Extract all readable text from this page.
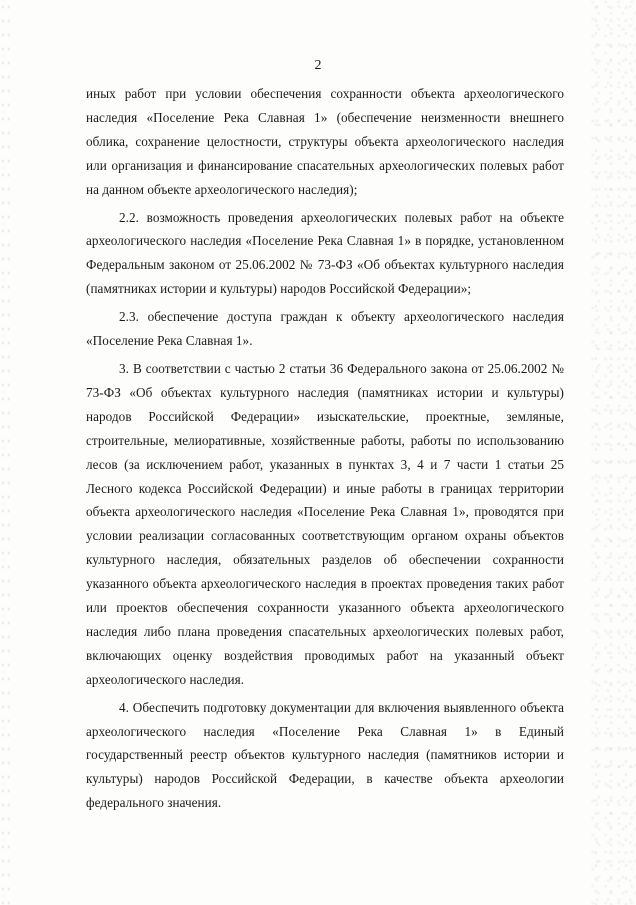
2

иных работ при условии обеспечения сохранности объекта археологического наследия «Поселение Река Славная 1» (обеспечение неизменности внешнего облика, сохранение целостности, структуры объекта археологического наследия или организация и финансирование спасательных археологических полевых работ на данном объекте археологического наследия);

2.2. возможность проведения археологических полевых работ на объекте археологического наследия «Поселение Река Славная 1» в порядке, установленном Федеральным законом от 25.06.2002 № 73-ФЗ «Об объектах культурного наследия (памятниках истории и культуры) народов Российской Федерации»;

2.3. обеспечение доступа граждан к объекту археологического наследия «Поселение Река Славная 1».

3. В соответствии с частью 2 статьи 36 Федерального закона от 25.06.2002 № 73-ФЗ «Об объектах культурного наследия (памятниках истории и культуры) народов Российской Федерации» изыскательские, проектные, земляные, строительные, мелиоративные, хозяйственные работы, работы по использованию лесов (за исключением работ, указанных в пунктах 3, 4 и 7 части 1 статьи 25 Лесного кодекса Российской Федерации) и иные работы в границах территории объекта археологического наследия «Поселение Река Славная 1», проводятся при условии реализации согласованных соответствующим органом охраны объектов культурного наследия, обязательных разделов об обеспечении сохранности указанного объекта археологического наследия в проектах проведения таких работ или проектов обеспечения сохранности указанного объекта археологического наследия либо плана проведения спасательных археологических полевых работ, включающих оценку воздействия проводимых работ на указанный объект археологического наследия.

4. Обеспечить подготовку документации для включения выявленного объекта археологического наследия «Поселение Река Славная 1» в Единый государственный реестр объектов культурного наследия (памятников истории и культуры) народов Российской Федерации, в качестве объекта археологии федерального значения.
